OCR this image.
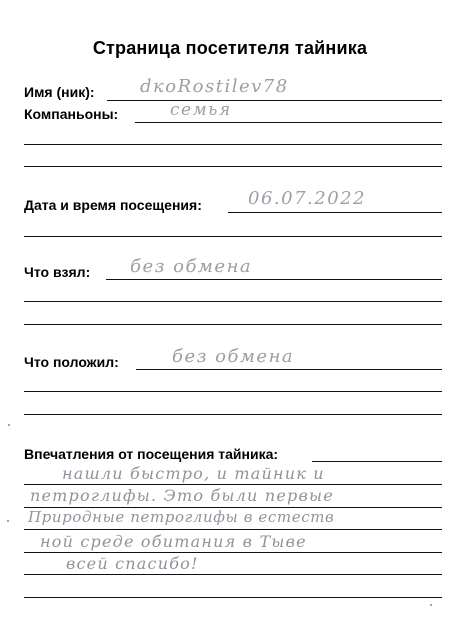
Страница посетителя тайника
Имя (ник):	dкoRostilev78
Компаньоны:	семья
Дата и время посещения:	06.07.2022
Что взял: без обмена
Что положил:	без обмена
Впечатления от посещения тайника:
нашли быстро, и тайник и
петроглифы. Это были первые
Природные петроглифы в естеств
ной среде обитания в Тыве
всей спасибо!
